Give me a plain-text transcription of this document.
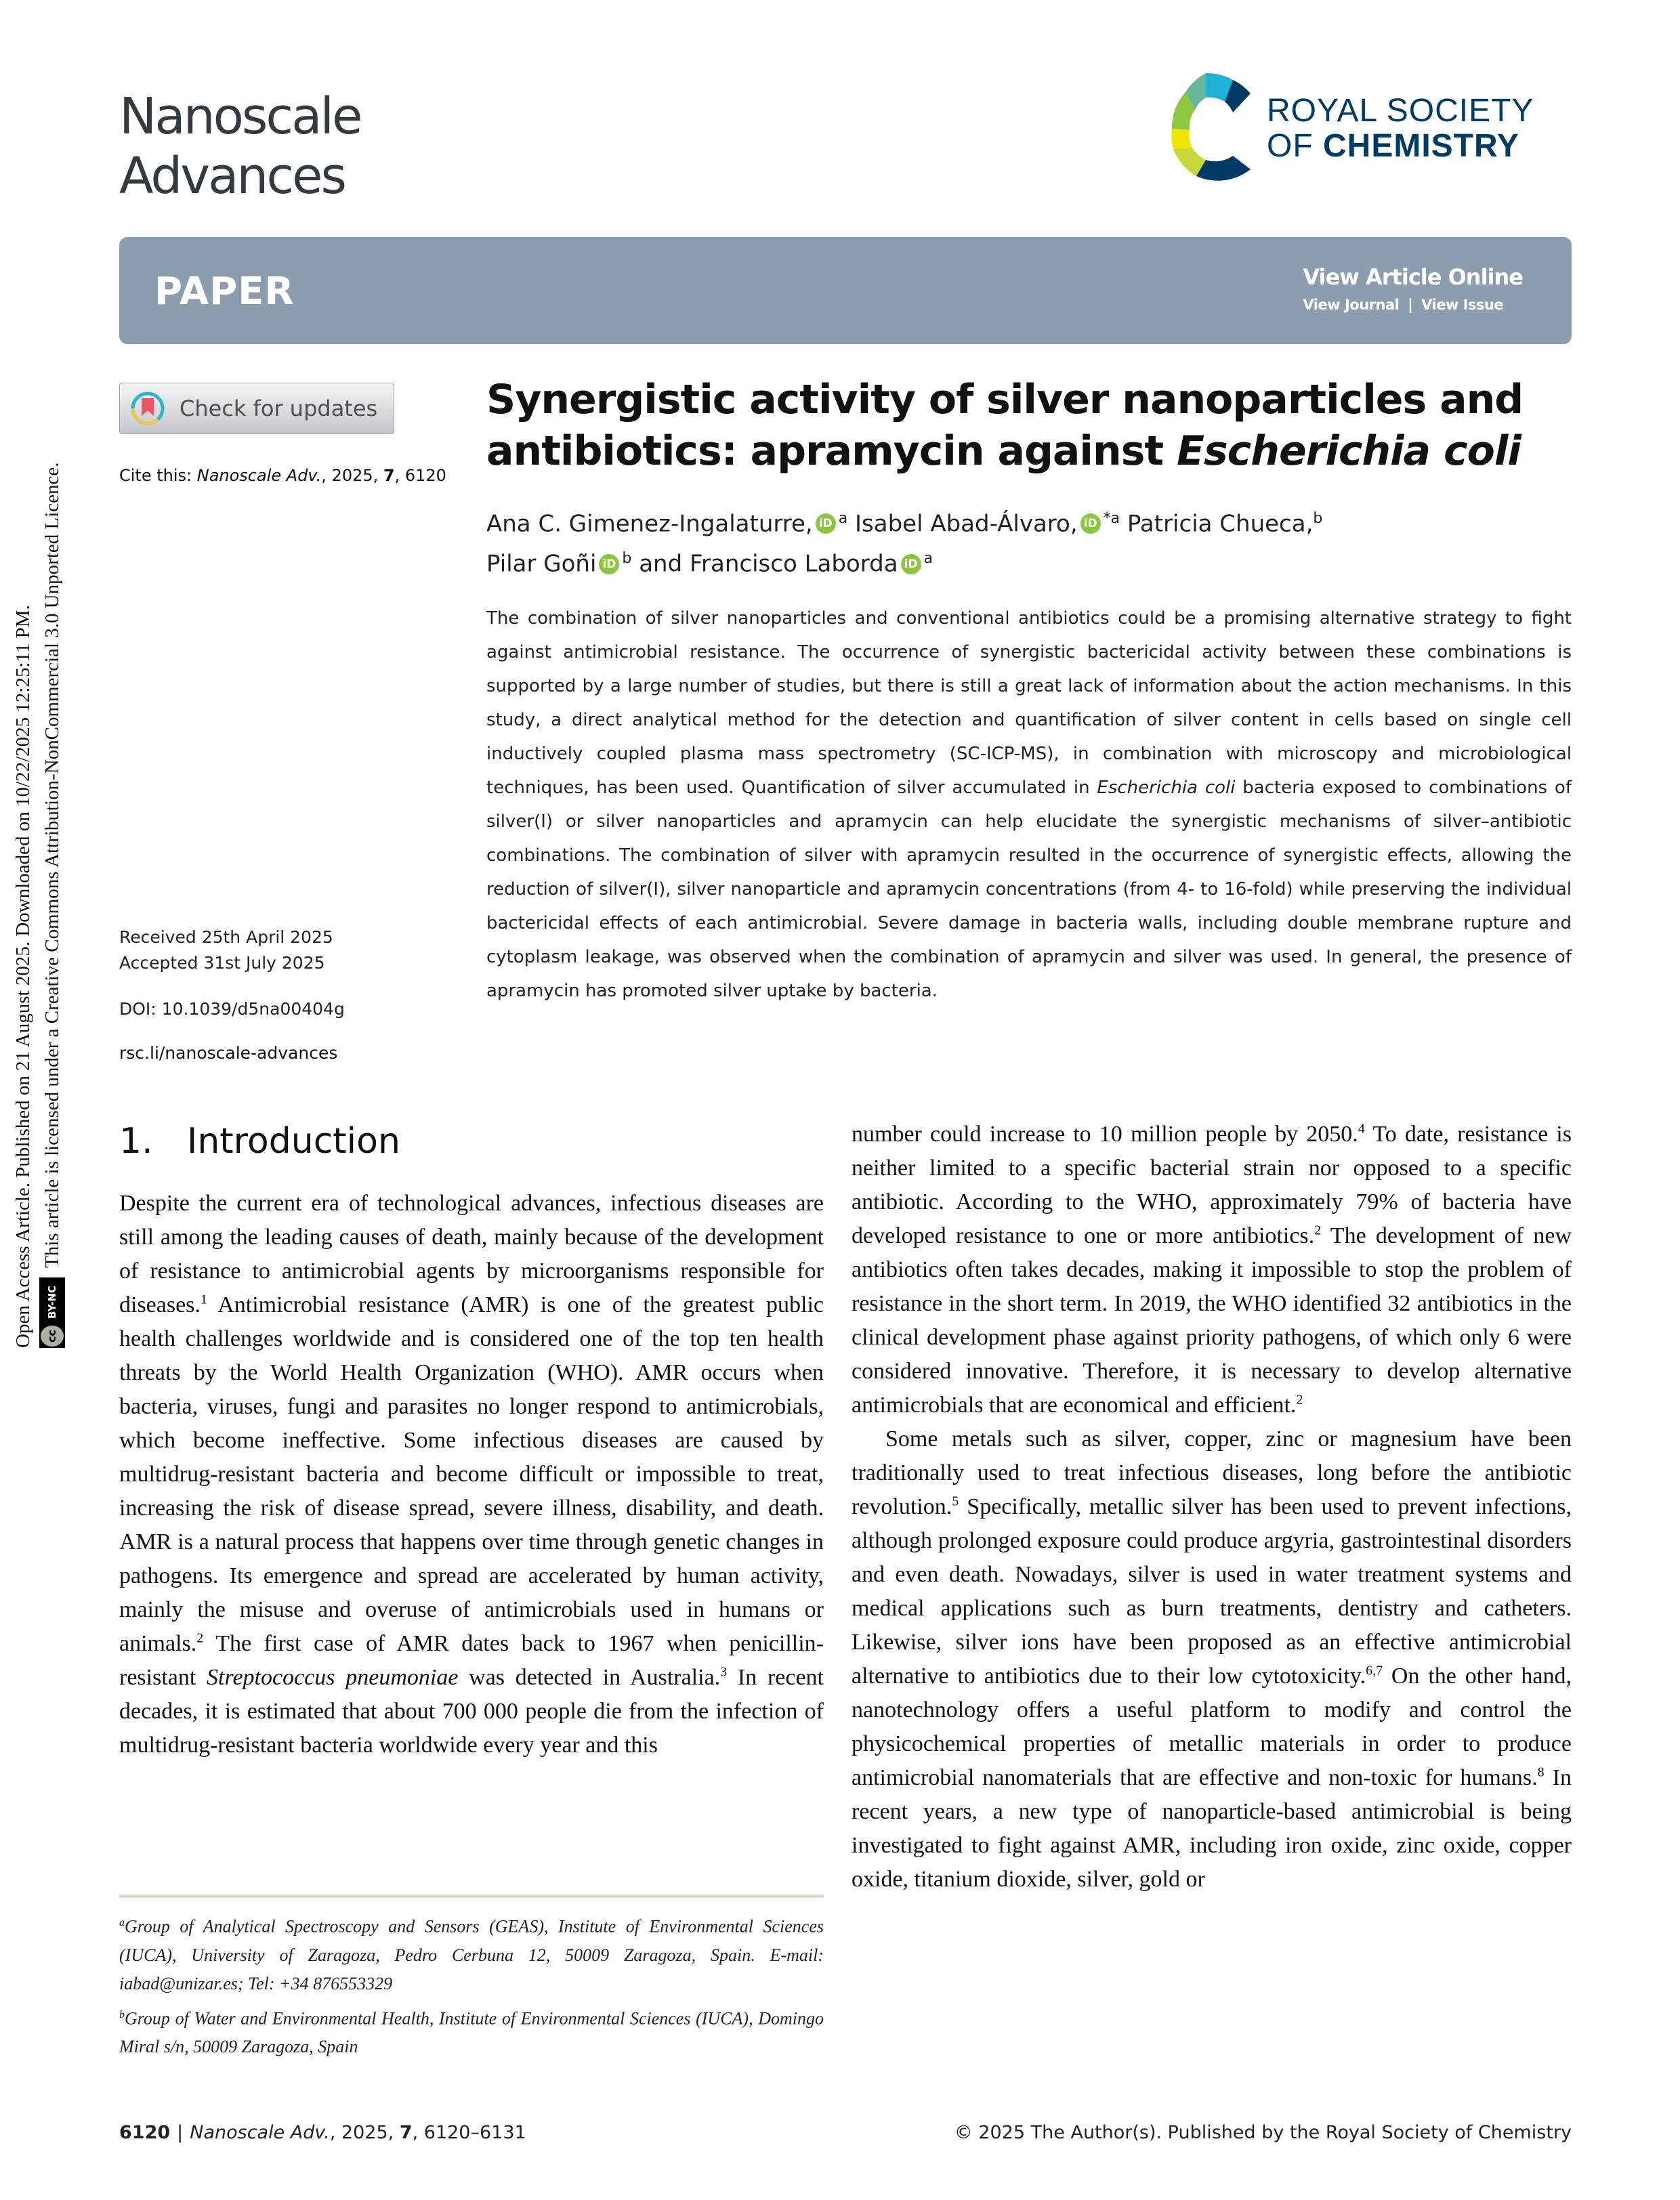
Nanoscale
Advances
ROYAL SOCIETY
OF CHEMISTRY
PAPER	View Article Online
View Journal | View Issue
Check for updates
Cite this: Nanoscale Adv., 2025, 7, 6120
Synergistic activity of silver nanoparticles and antibiotics: apramycin against Escherichia coli
Ana C. Gimenez-Ingalaturre, iD $^a$ Isabel Abad-Álvaro, iD $^{*a}$ Patricia Chueca,$^b$
Pilar Goñi iD $^b$ and Francisco Laborda iD $^a$
The combination of silver nanoparticles and conventional antibiotics could be a promising alternative strategy to fight against antimicrobial resistance. The occurrence of synergistic bactericidal activity between these combinations is supported by a large number of studies, but there is still a great lack of information about the action mechanisms. In this study, a direct analytical method for the detection and quantification of silver content in cells based on single cell inductively coupled plasma mass spectrometry (SC-ICP-MS), in combination with microscopy and microbiological techniques, has been used. Quantification of silver accumulated in Escherichia coli bacteria exposed to combinations of silver(I) or silver nanoparticles and apramycin can help elucidate the synergistic mechanisms of silver–antibiotic combinations. The combination of silver with apramycin resulted in the occurrence of synergistic effects, allowing the reduction of silver(I), silver nanoparticle and apramycin concentrations (from 4- to 16-fold) while preserving the individual bactericidal effects of each antimicrobial. Severe damage in bacteria walls, including double membrane rupture and cytoplasm leakage, was observed when the combination of apramycin and silver was used. In general, the presence of apramycin has promoted silver uptake by bacteria.
Received 25th April 2025
Accepted 31st July 2025
DOI: 10.1039/d5na00404g
rsc.li/nanoscale-advances
1. Introduction

Despite the current era of technological advances, infectious diseases are still among the leading causes of death, mainly because of the development of resistance to antimicrobial agents by microorganisms responsible for diseases.$^1$ Antimicrobial resistance (AMR) is one of the greatest public health challenges worldwide and is considered one of the top ten health threats by the World Health Organization (WHO). AMR occurs when bacteria, viruses, fungi and parasites no longer respond to antimicrobials, which become ineffective. Some infectious diseases are caused by multidrug-resistant bacteria and become difficult or impossible to treat, increasing the risk of disease spread, severe illness, disability, and death. AMR is a natural process that happens over time through genetic changes in pathogens. Its emergence and spread are accelerated by human activity, mainly the misuse and overuse of antimicrobials used in humans or animals.$^2$ The first case of AMR dates back to 1967 when penicillin-resistant Streptococcus pneumoniae was detected in Australia.$^3$ In recent decades, it is estimated that about 700 000 people die from the infection of multidrug-resistant bacteria worldwide every year and this

number could increase to 10 million people by 2050.$^4$ To date, resistance is neither limited to a specific bacterial strain nor opposed to a specific antibiotic. According to the WHO, approximately 79% of bacteria have developed resistance to one or more antibiotics.$^2$ The development of new antibiotics often takes decades, making it impossible to stop the problem of resistance in the short term. In 2019, the WHO identified 32 antibiotics in the clinical development phase against priority pathogens, of which only 6 were considered innovative. Therefore, it is necessary to develop alternative antimicrobials that are economical and efficient.$^2$

Some metals such as silver, copper, zinc or magnesium have been traditionally used to treat infectious diseases, long before the antibiotic revolution.$^5$ Specifically, metallic silver has been used to prevent infections, although prolonged exposure could produce argyria, gastrointestinal disorders and even death. Nowadays, silver is used in water treatment systems and medical applications such as burn treatments, dentistry and catheters. Likewise, silver ions have been proposed as an effective antimicrobial alternative to antibiotics due to their low cytotoxicity.$^{6,7}$ On the other hand, nanotechnology offers a useful platform to modify and control the physicochemical properties of metallic materials in order to produce antimicrobial nanomaterials that are effective and non-toxic for humans.$^8$ In recent years, a new type of nanoparticle-based antimicrobial is being investigated to fight against AMR, including iron oxide, zinc oxide, copper oxide, titanium dioxide, silver, gold or

$^a$Group of Analytical Spectroscopy and Sensors (GEAS), Institute of Environmental Sciences (IUCA), University of Zaragoza, Pedro Cerbuna 12, 50009 Zaragoza, Spain. E-mail: iabad@unizar.es; Tel: +34 876553329

$^b$Group of Water and Environmental Health, Institute of Environmental Sciences (IUCA), Domingo Miral s/n, 50009 Zaragoza, Spain

6120 | Nanoscale Adv., 2025, 7, 6120–6131	© 2025 The Author(s). Published by the Royal Society of Chemistry
Open Access Article. Published on 21 August 2025. Downloaded on 10/22/2025 12:25:11 PM.	cc
BY-NC
This article is licensed under a Creative Commons Attribution-NonCommercial 3.0 Unported Licence.
